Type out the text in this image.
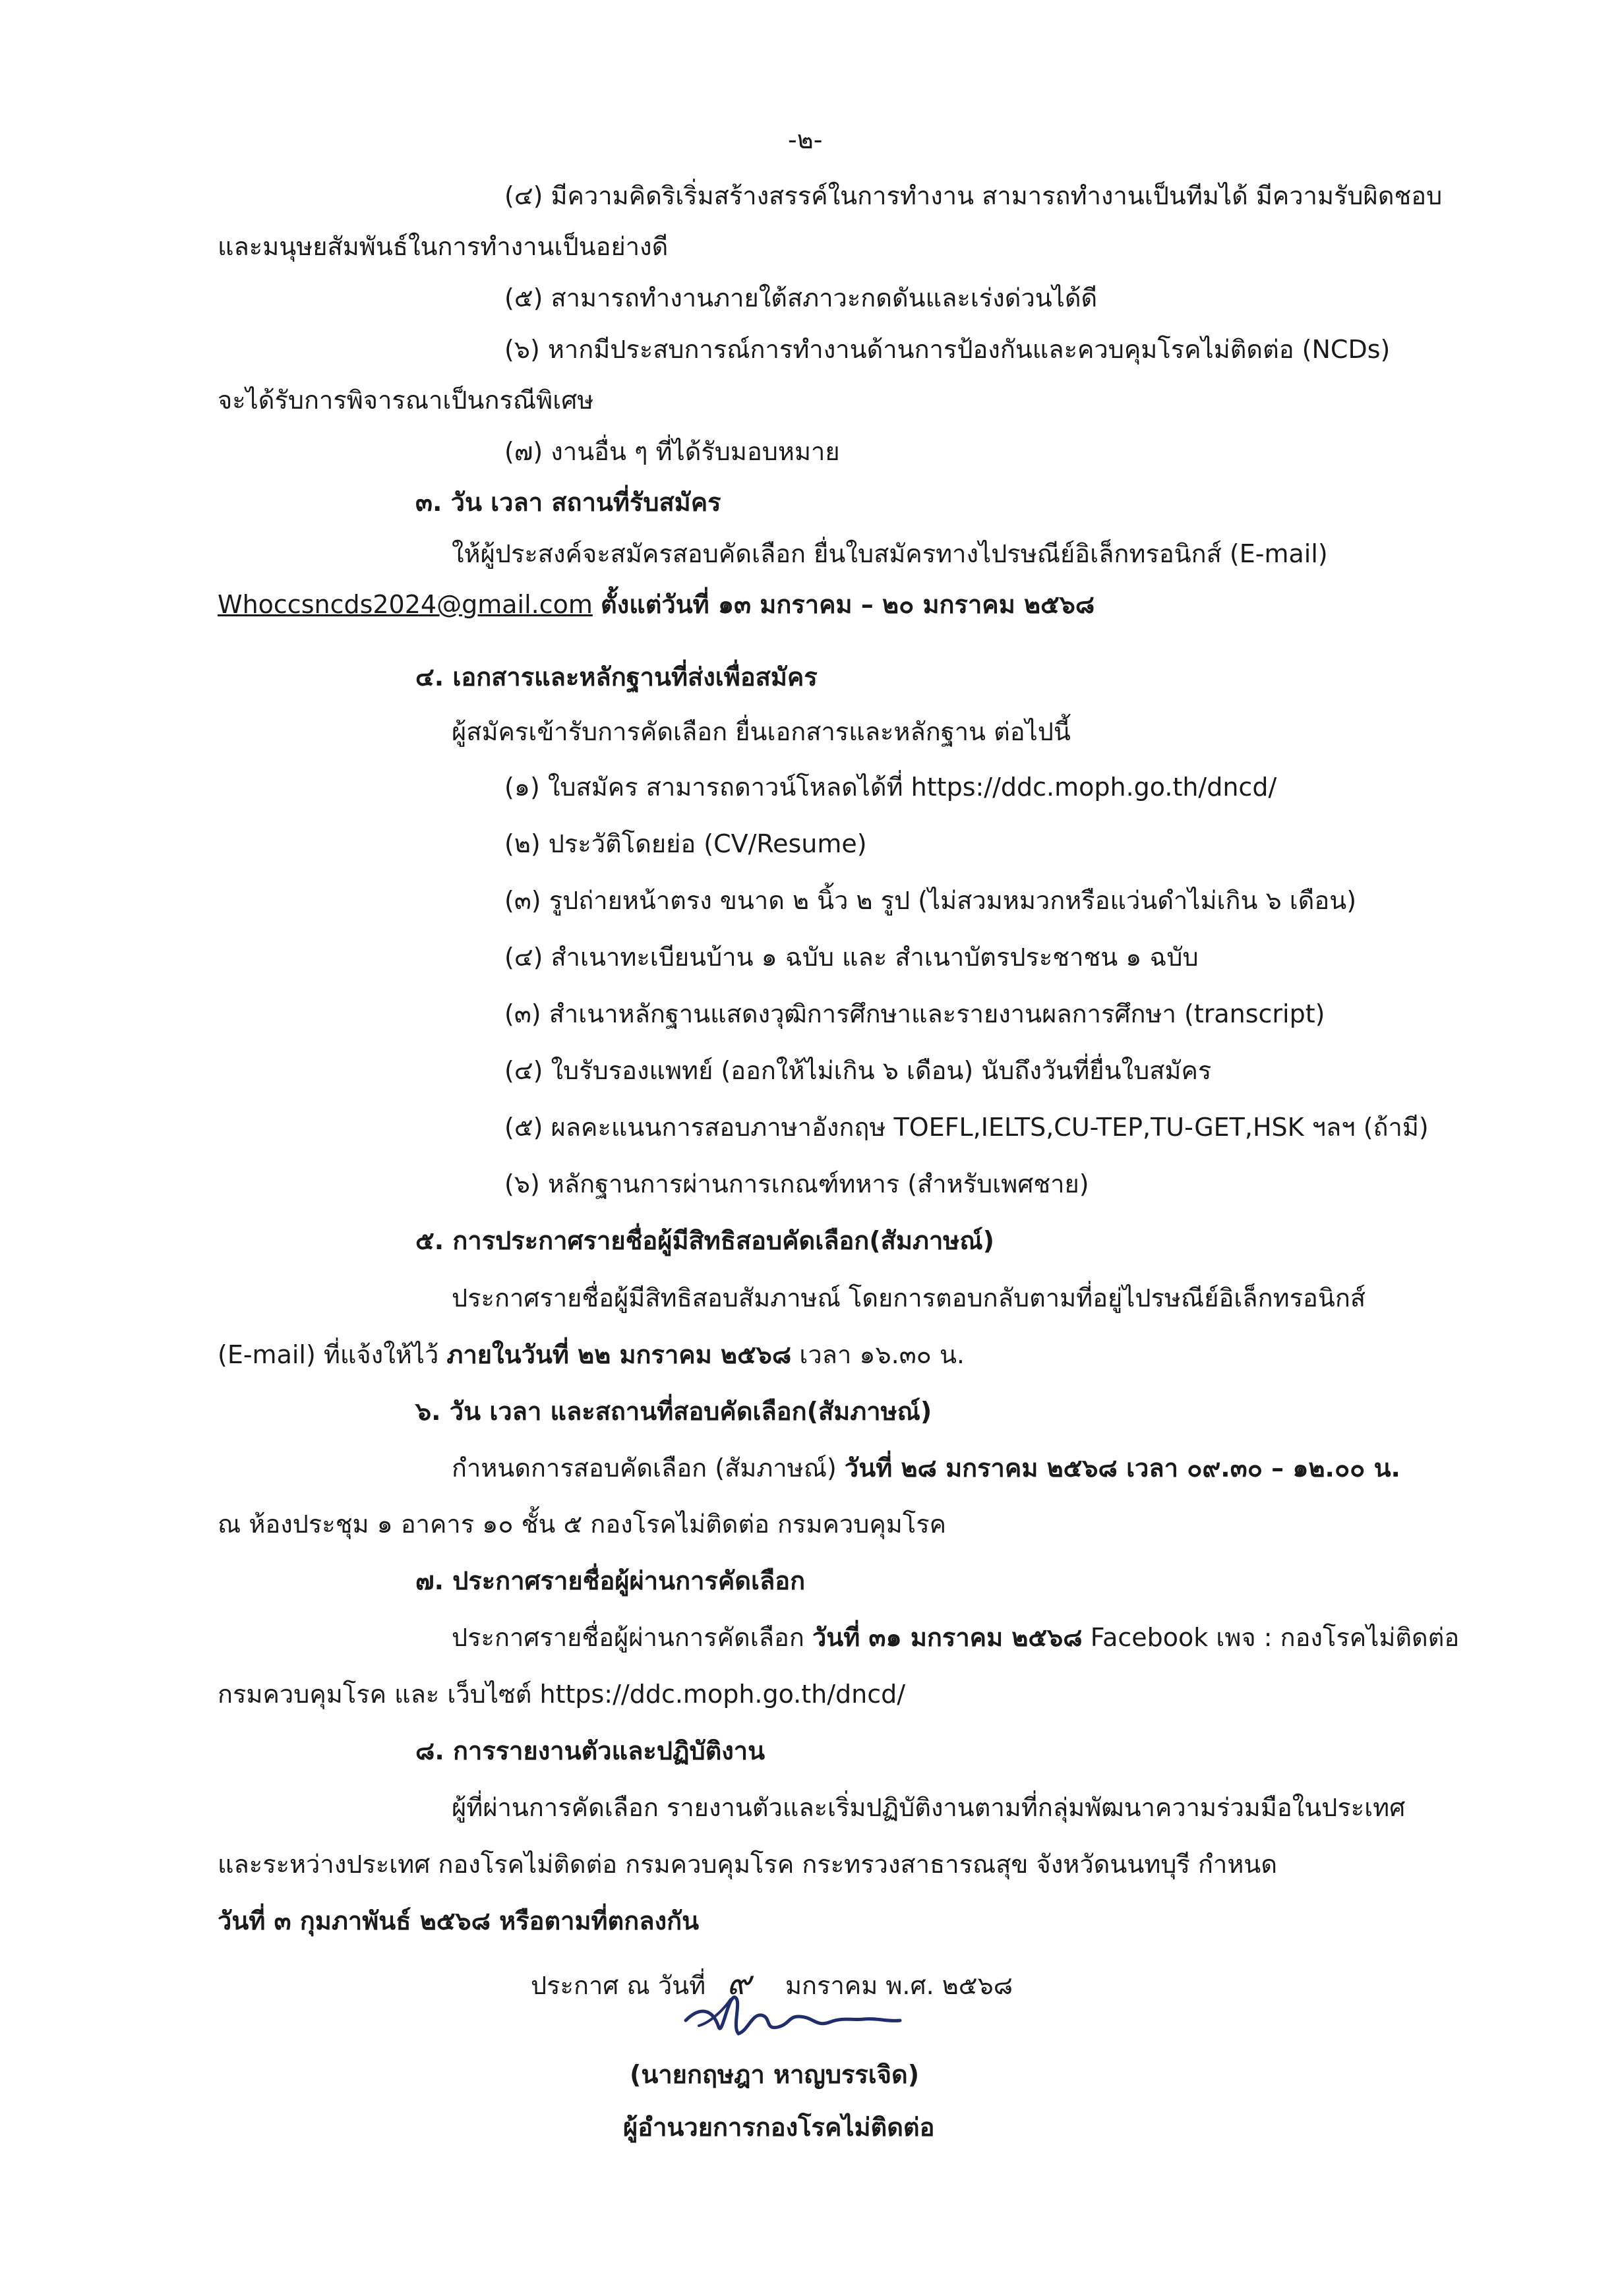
-๒-
(๔) มีความคิดริเริ่มสร้างสรรค์ในการทำงาน สามารถทำงานเป็นทีมได้ มีความรับผิดชอบ
และมนุษยสัมพันธ์ในการทำงานเป็นอย่างดี
(๕) สามารถทำงานภายใต้สภาวะกดดันและเร่งด่วนได้ดี
(๖) หากมีประสบการณ์การทำงานด้านการป้องกันและควบคุมโรคไม่ติดต่อ (NCDs)
จะได้รับการพิจารณาเป็นกรณีพิเศษ
(๗) งานอื่น ๆ ที่ได้รับมอบหมาย
๓. วัน เวลา สถานที่รับสมัคร
ให้ผู้ประสงค์จะสมัครสอบคัดเลือก ยื่นใบสมัครทางไปรษณีย์อิเล็กทรอนิกส์ (E-mail)
Whoccsncds2024@gmail.com ตั้งแต่วันที่ ๑๓ มกราคม – ๒๐ มกราคม ๒๕๖๘
๔. เอกสารและหลักฐานที่ส่งเพื่อสมัคร
ผู้สมัครเข้ารับการคัดเลือก ยื่นเอกสารและหลักฐาน ต่อไปนี้
(๑) ใบสมัคร สามารถดาวน์โหลดได้ที่ https://ddc.moph.go.th/dncd/
(๒) ประวัติโดยย่อ (CV/Resume)
(๓) รูปถ่ายหน้าตรง ขนาด ๒ นิ้ว ๒ รูป (ไม่สวมหมวกหรือแว่นดำไม่เกิน ๖ เดือน)
(๔) สำเนาทะเบียนบ้าน ๑ ฉบับ และ สำเนาบัตรประชาชน ๑ ฉบับ
(๓) สำเนาหลักฐานแสดงวุฒิการศึกษาและรายงานผลการศึกษา (transcript)
(๔) ใบรับรองแพทย์ (ออกให้ไม่เกิน ๖ เดือน) นับถึงวันที่ยื่นใบสมัคร
(๕) ผลคะแนนการสอบภาษาอังกฤษ TOEFL,IELTS,CU-TEP,TU-GET,HSK ฯลฯ (ถ้ามี)
(๖) หลักฐานการผ่านการเกณฑ์ทหาร (สำหรับเพศชาย)
๕. การประกาศรายชื่อผู้มีสิทธิสอบคัดเลือก(สัมภาษณ์)
ประกาศรายชื่อผู้มีสิทธิสอบสัมภาษณ์ โดยการตอบกลับตามที่อยู่ไปรษณีย์อิเล็กทรอนิกส์
(E-mail) ที่แจ้งให้ไว้ ภายในวันที่ ๒๒ มกราคม ๒๕๖๘ เวลา ๑๖.๓๐ น.
๖. วัน เวลา และสถานที่สอบคัดเลือก(สัมภาษณ์)
กำหนดการสอบคัดเลือก (สัมภาษณ์) วันที่ ๒๘ มกราคม ๒๕๖๘ เวลา ๐๙.๓๐ – ๑๒.๐๐ น.
ณ ห้องประชุม ๑ อาคาร ๑๐ ชั้น ๕ กองโรคไม่ติดต่อ กรมควบคุมโรค
๗. ประกาศรายชื่อผู้ผ่านการคัดเลือก
ประกาศรายชื่อผู้ผ่านการคัดเลือก วันที่ ๓๑ มกราคม ๒๕๖๘ Facebook เพจ : กองโรคไม่ติดต่อ
กรมควบคุมโรค และ เว็บไซต์ https://ddc.moph.go.th/dncd/
๘. การรายงานตัวและปฏิบัติงาน
ผู้ที่ผ่านการคัดเลือก รายงานตัวและเริ่มปฏิบัติงานตามที่กลุ่มพัฒนาความร่วมมือในประเทศ
และระหว่างประเทศ กองโรคไม่ติดต่อ กรมควบคุมโรค กระทรวงสาธารณสุข จังหวัดนนทบุรี กำหนด
วันที่ ๓ กุมภาพันธ์ ๒๕๖๘ หรือตามที่ตกลงกัน
ประกาศ ณ วันที่ ๙ มกราคม พ.ศ. ๒๕๖๘
(นายกฤษฎา หาญบรรเจิด)
ผู้อำนวยการกองโรคไม่ติดต่อ
